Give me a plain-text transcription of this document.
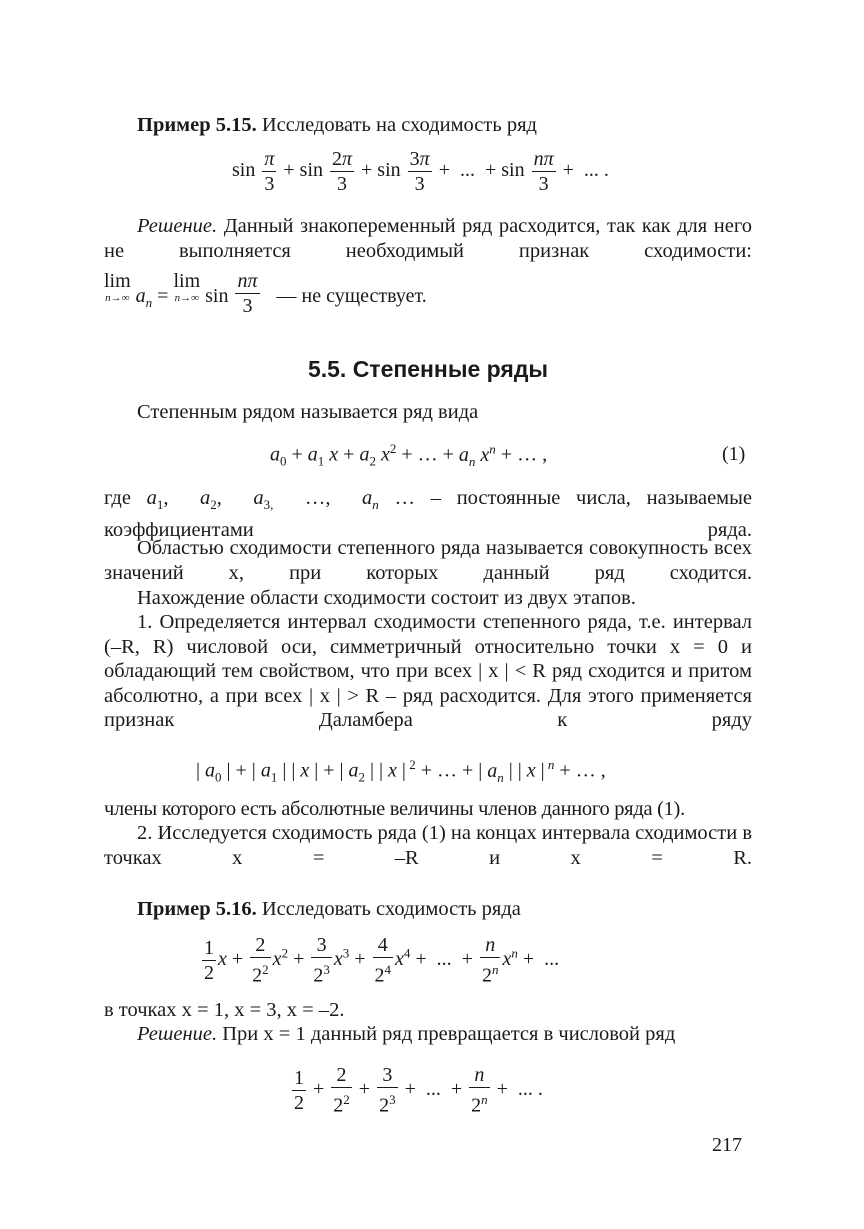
Пример 5.15. Исследовать на сходимость ряд
$\sin \frac{\pi}{3} + \sin \frac{2\pi}{3} + \sin \frac{3\pi}{3}$ +  ...  + $\sin \frac{n\pi}{3}$ +  ... .
Решение. Данный знакопеременный ряд расходится, так как для него не выполняется необходимый признак сходимости:
lim
n→∞ $a_n$ =
lim
n→∞ $\sin \frac{n\pi}{3}$ — не существует.
5.5. Степенные ряды
Степенным рядом называется ряд вида
$a_0 + a_1$ $x + a_2$ $x^2$ + … + $a_n$ $x^n$ + … ,	(1)
где $a_1$,  $a_2$,  $a_{3,}$  …,  $a_n$ … – постоянные числа, называемые коэффициентами ряда.
Областью сходимости степенного ряда называется совокупность всех значений x, при которых данный ряд сходится.
Нахождение области сходимости состоит из двух этапов.
1. Определяется интервал сходимости степенного ряда, т.е. интервал (–R, R) числовой оси, симметричный относительно точки x = 0 и обладающий тем свойством, что при всех | x | < R ряд сходится и притом абсолютно, а при всех | x | > R – ряд расходится. Для этого применяется признак Даламбера к ряду
| $a_0$ | + | $a_1$ | | x | + | $a_2$ | | x | $^2$ + … + | $a_n$ | | x | $^n$ + … ,
члены которого есть абсолютные величины членов данного ряда (1).
2. Исследуется сходимость ряда (1) на концах интервала сходимости в точках x = –R и x = R.
Пример 5.16. Исследовать сходимость ряда
$\frac{1}{2}$ $x + \frac{2}{2^2} x^2 + \frac{3}{2^3} x^3 + \frac{4}{2^4} x^4$ +  ...  + $\frac{n}{2^n} x^n$ +  ...
в точках x = 1, x = 3, x = –2.
Решение. При x = 1 данный ряд превращается в числовой ряд
$\frac{1}{2} + \frac{2}{2^2} + \frac{3}{2^3}$ +  ...  + $\frac{n}{2^n}$ +  ... .
217
